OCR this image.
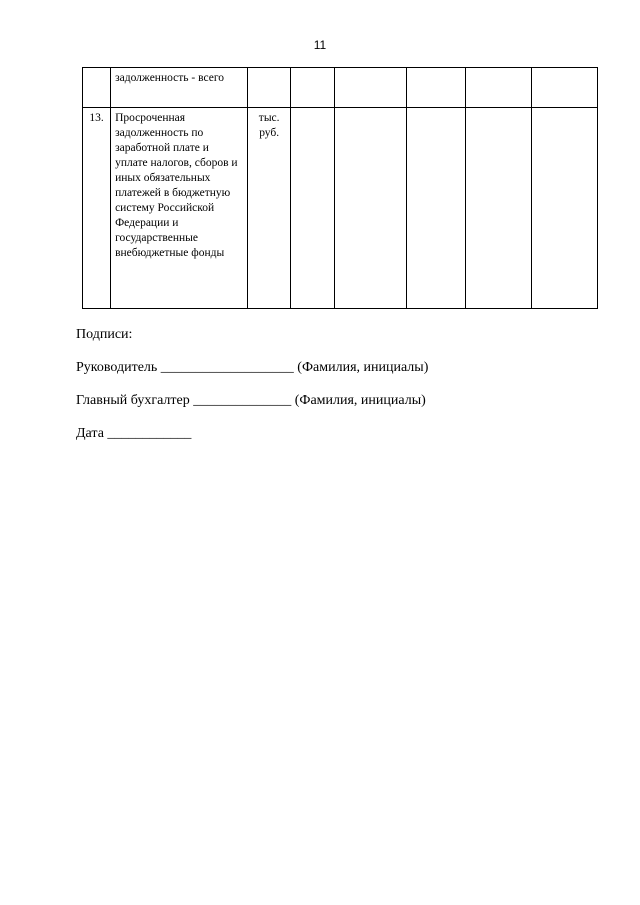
11
	задолженность - всего						
13.	Просроченная задолженность по заработной плате и уплате налогов, сборов и иных обязательных платежей в бюджетную систему Российской Федерации и государственные внебюджетные фонды	тыс. руб.					
Подписи:
Руководитель ___________________ (Фамилия, инициалы)
Главный бухгалтер ______________ (Фамилия, инициалы)
Дата ____________
